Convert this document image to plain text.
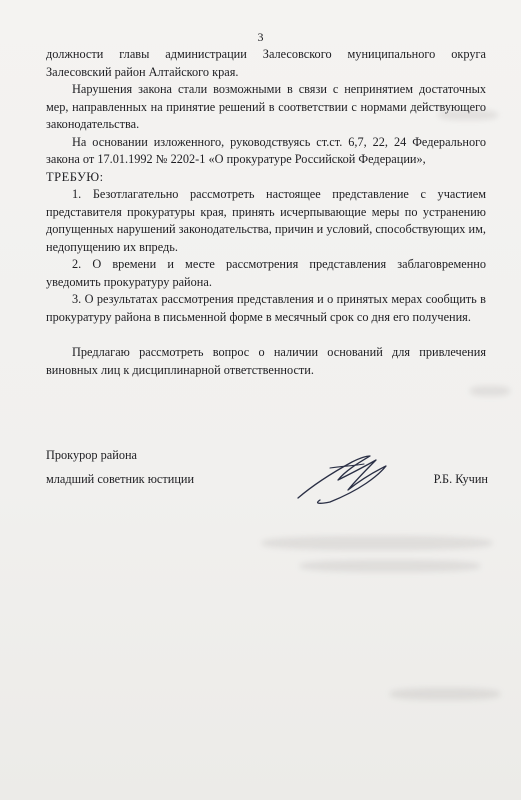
3

должности главы администрации Залесовского муниципального округа Залесовский район Алтайского края.

Нарушения закона стали возможными в связи с непринятием достаточных мер, направленных на принятие решений в соответствии с нормами действующего законодательства.

На основании изложенного, руководствуясь ст.ст. 6,7, 22, 24 Федерального закона от 17.01.1992 № 2202-1 «О прокуратуре Российской Федерации»,

ТРЕБУЮ:

1. Безотлагательно рассмотреть настоящее представление с участием представителя прокуратуры края, принять исчерпывающие меры по устранению допущенных нарушений законодательства, причин и условий, способствующих им, недопущению их впредь.

2. О времени и месте рассмотрения представления заблаговременно уведомить прокуратуру района.

3. О результатах рассмотрения представления и о принятых мерах сообщить в прокуратуру района в письменной форме в месячный срок со дня его получения.

Предлагаю рассмотреть вопрос о наличии оснований для привлечения виновных лиц к дисциплинарной ответственности.

Прокурор района
младший советник юстиции	Р.Б. Кучин
